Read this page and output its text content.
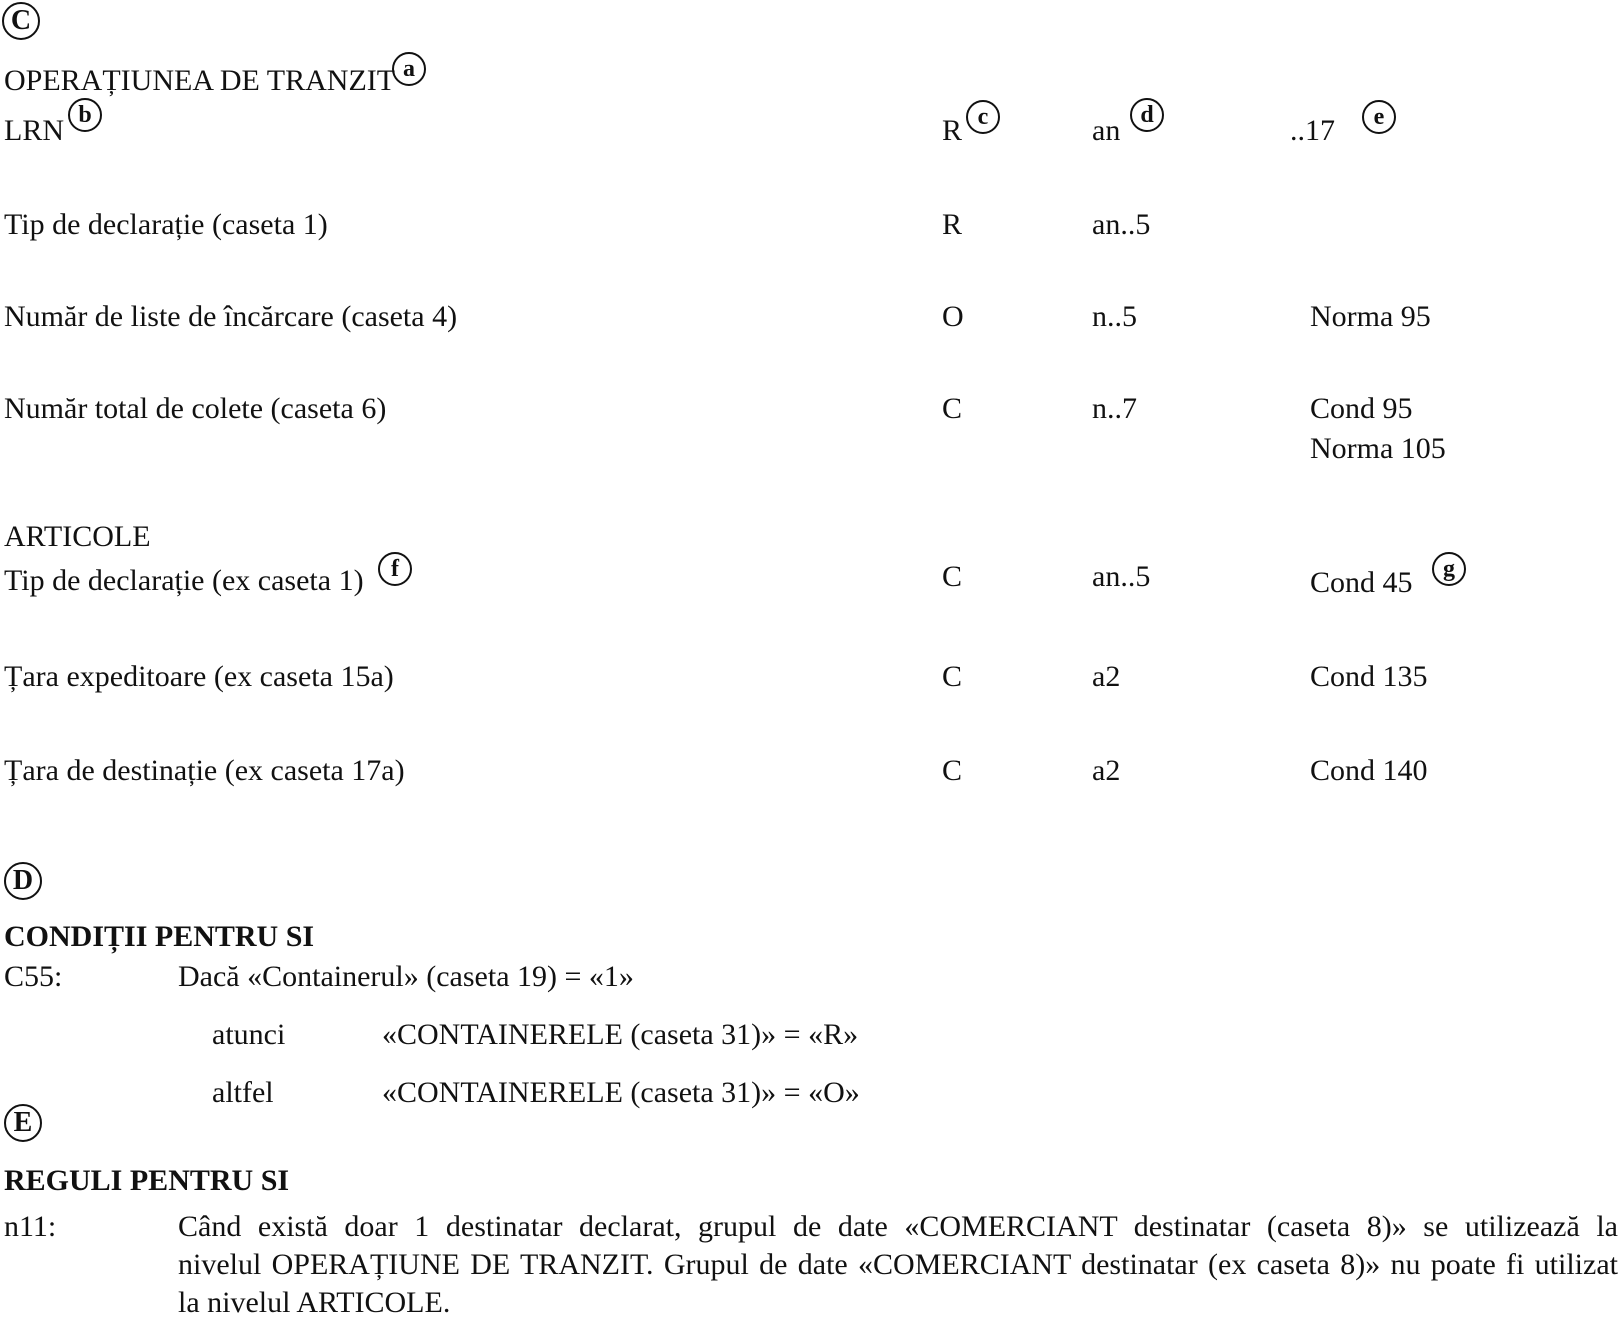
C
OPERAȚIUNEA DE TRANZIT a
LRN b	R c	an d	..17	e
Tip de declarație (caseta 1)	R	an..5
Număr de liste de încărcare (caseta 4)	O	n..5	Norma 95
Număr total de colete (caseta 6)	C	n..7	Cond 95
Norma 105
ARTICOLE
Tip de declarație (ex caseta 1)	f	C	an..5	Cond 45	g
Țara expeditoare (ex caseta 15a)	C	a2	Cond 135
Țara de destinație (ex caseta 17a)	C	a2	Cond 140
D
CONDIȚII PENTRU SI
C55:	Dacă «Containerul» (caseta 19) = «1»
atunci	«CONTAINERELE (caseta 31)» = «R»
altfel	«CONTAINERELE (caseta 31)» = «O»
E
REGULI PENTRU SI
n11:	Când există doar 1 destinatar declarat, grupul de date «COMERCIANT destinatar (caseta 8)» se utilizează la

nivelul OPERAȚIUNE DE TRANZIT. Grupul de date «COMERCIANT destinatar (ex caseta 8)» nu poate fi utilizat

la nivelul ARTICOLE.
